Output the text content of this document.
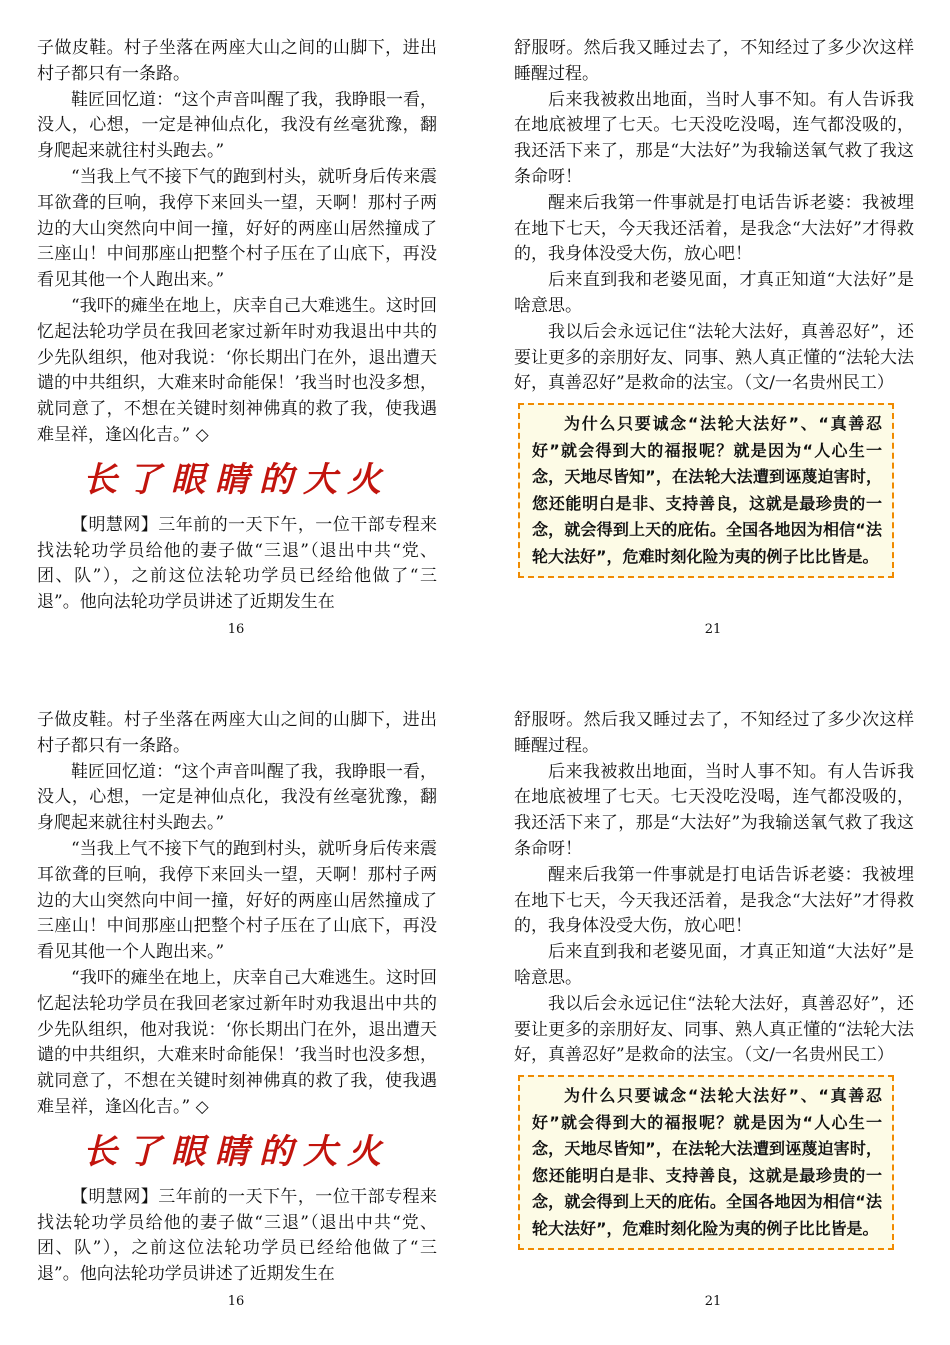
子做皮鞋。村子坐落在两座大山之间的山脚下，进出村子都只有一条路。

鞋匠回忆道：“这个声音叫醒了我，我睁眼一看，没人，心想，一定是神仙点化，我没有丝毫犹豫，翻身爬起来就往村头跑去。”

“当我上气不接下气的跑到村头，就听身后传来震耳欲聋的巨响，我停下来回头一望，天啊！那村子两边的大山突然向中间一撞，好好的两座山居然撞成了三座山！中间那座山把整个村子压在了山底下，再没看见其他一个人跑出来。”

“我吓的瘫坐在地上，庆幸自己大难逃生。这时回忆起法轮功学员在我回老家过新年时劝我退出中共的少先队组织，他对我说：‘你长期出门在外，退出遭天谴的中共组织，大难来时命能保！’我当时也没多想，就同意了，不想在关键时刻神佛真的救了我，使我遇难呈祥，逢凶化吉。” ◇

长了眼睛的大火

【明慧网】三年前的一天下午，一位干部专程来找法轮功学员给他的妻子做“三退”（退出中共“党、团、队”），之前这位法轮功学员已经给他做了“三退”。他向法轮功学员讲述了近期发生在

16

舒服呀。然后我又睡过去了，不知经过了多少次这样睡醒过程。

后来我被救出地面，当时人事不知。有人告诉我在地底被埋了七天。七天没吃没喝，连气都没吸的，我还活下来了，那是“大法好”为我输送氧气救了我这条命呀！

醒来后我第一件事就是打电话告诉老婆：我被埋在地下七天，今天我还活着，是我念“大法好”才得救的，我身体没受大伤，放心吧！

后来直到我和老婆见面，才真正知道“大法好”是啥意思。

我以后会永远记住“法轮大法好，真善忍好”，还要让更多的亲朋好友、同事、熟人真正懂的“法轮大法好，真善忍好”是救命的法宝。（文/一名贵州民工）

为什么只要诚念“法轮大法好”、“真善忍好”就会得到大的福报呢？就是因为“人心生一念，天地尽皆知”，在法轮大法遭到诬蔑迫害时，您还能明白是非、支持善良，这就是最珍贵的一念，就会得到上天的庇佑。全国各地因为相信“法轮大法好”，危难时刻化险为夷的例子比比皆是。

21

子做皮鞋。村子坐落在两座大山之间的山脚下，进出村子都只有一条路。

鞋匠回忆道：“这个声音叫醒了我，我睁眼一看，没人，心想，一定是神仙点化，我没有丝毫犹豫，翻身爬起来就往村头跑去。”

“当我上气不接下气的跑到村头，就听身后传来震耳欲聋的巨响，我停下来回头一望，天啊！那村子两边的大山突然向中间一撞，好好的两座山居然撞成了三座山！中间那座山把整个村子压在了山底下，再没看见其他一个人跑出来。”

“我吓的瘫坐在地上，庆幸自己大难逃生。这时回忆起法轮功学员在我回老家过新年时劝我退出中共的少先队组织，他对我说：‘你长期出门在外，退出遭天谴的中共组织，大难来时命能保！’我当时也没多想，就同意了，不想在关键时刻神佛真的救了我，使我遇难呈祥，逢凶化吉。” ◇

长了眼睛的大火

【明慧网】三年前的一天下午，一位干部专程来找法轮功学员给他的妻子做“三退”（退出中共“党、团、队”），之前这位法轮功学员已经给他做了“三退”。他向法轮功学员讲述了近期发生在

16

舒服呀。然后我又睡过去了，不知经过了多少次这样睡醒过程。

后来我被救出地面，当时人事不知。有人告诉我在地底被埋了七天。七天没吃没喝，连气都没吸的，我还活下来了，那是“大法好”为我输送氧气救了我这条命呀！

醒来后我第一件事就是打电话告诉老婆：我被埋在地下七天，今天我还活着，是我念“大法好”才得救的，我身体没受大伤，放心吧！

后来直到我和老婆见面，才真正知道“大法好”是啥意思。

我以后会永远记住“法轮大法好，真善忍好”，还要让更多的亲朋好友、同事、熟人真正懂的“法轮大法好，真善忍好”是救命的法宝。（文/一名贵州民工）

为什么只要诚念“法轮大法好”、“真善忍好”就会得到大的福报呢？就是因为“人心生一念，天地尽皆知”，在法轮大法遭到诬蔑迫害时，您还能明白是非、支持善良，这就是最珍贵的一念，就会得到上天的庇佑。全国各地因为相信“法轮大法好”，危难时刻化险为夷的例子比比皆是。

21
